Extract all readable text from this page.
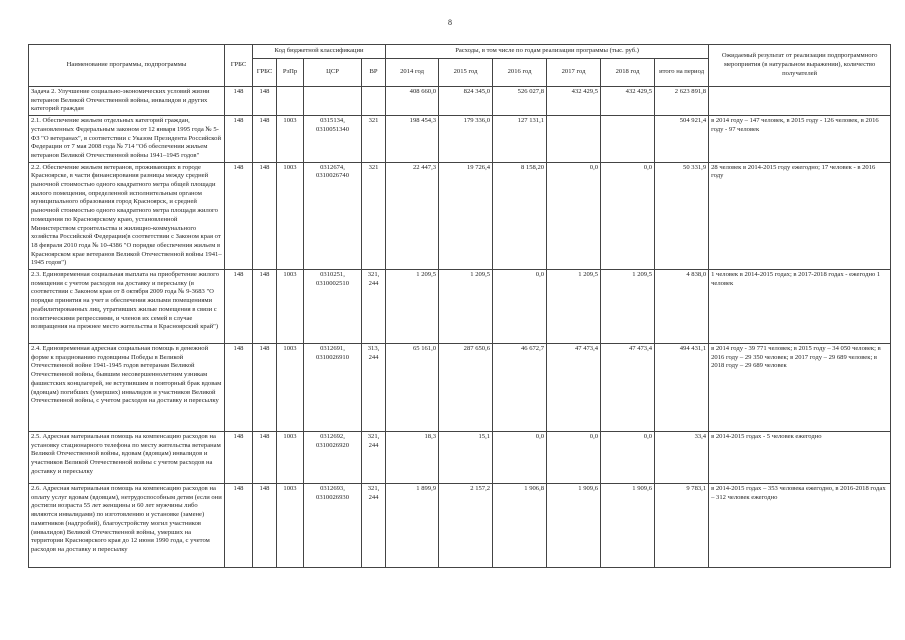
8
Наименование программы, подпрограммы	ГРБС	Код бюджетной классификации				Расходы, в том числе по годам реализации программы (тыс. руб.)						Ожидаемый результат от реализации подпрограммного мероприятия (в натуральном выражении), количество получателей
		ГРБС	РзПр	ЦСР	ВР	2014 год	2015 год	2016 год	2017 год	2018 год	итого на период	
Задача 2. Улучшение социально-экономических условий жизни ветеранов Великой Отечественной войны, инвалидов и других категорий граждан	148	148				408 660,0	824 345,0	526 027,8	432 429,5	432 429,5	2 623 891,8	
2.1. Обеспечение жильем отдельных категорий граждан, установленных Федеральным законом от 12 января 1995 года № 5-ФЗ "О ветеранах", в соответствии с Указом Президента Российской Федерации от 7 мая 2008 года № 714 "Об обеспечении жильем ветеранов Великой Отечественной войны 1941–1945 годов"	148	148	1003	0315134, 0310051340	321	198 454,3	179 336,0	127 131,1			504 921,4	в 2014 году – 147 человек, в 2015 году - 126 человек, в 2016 году - 97 человек
2.2. Обеспечение жильем ветеранов, проживающих в городе Красноярске, в части финансирования разницы между средней рыночной стоимостью одного квадратного метра общей площади жилого помещения, определенной исполнительным органом муниципального образования город Красноярск, и средней рыночной стоимостью одного квадратного метра площади жилого помещения по Красноярскому краю, установленной Министерством строительства и жилищно-коммунального хозяйства Российской Федерации(в соответствии с Законом края от 18 февраля 2010 года № 10-4386 "О порядке обеспечения жильем в Красноярском крае ветеранов Великой Отечественной войны 1941–1945 годов")	148	148	1003	0312674, 0310026740	321	22 447,3	19 726,4	8 158,20	0,0	0,0	50 331,9	28 человек в 2014-2015 году ежегодно; 17 человек - в 2016 году
2.3. Единовременная социальная выплата на приобретение жилого помещения с учетом расходов на доставку и пересылку (в соответствии с Законом края от 8 октября 2009 года № 9-3683 "О порядке принятия на учет и обеспечения жилыми помещениями реабилитированных лиц, утративших жилые помещения в связи с политическими репрессиями, и членов их семей в случае возвращения на прежнее место жительства в Красноярский край")	148	148	1003	0310251, 0310002510	321, 244	1 209,5	1 209,5	0,0	1 209,5	1 209,5	4 838,0	1 человек в 2014-2015 годах; в 2017-2018 годах - ежегодно 1 человек
2.4. Единовременная адресная социальная помощь в денежной форме к празднованию годовщины Победы в Великой Отечественной войне 1941-1945 годов ветеранам Великой Отечественной войны, бывшим несовершеннолетним узникам фашистских концлагерей, не вступившим в повторный брак вдовам (вдовцам) погибших (умерших) инвалидов и участников Великой Отечественной войны, с учетом расходов на доставку и пересылку	148	148	1003	0312691, 0310026910	313, 244	65 161,0	287 650,6	46 672,7	47 473,4	47 473,4	494 431,1	в 2014 году - 39 771 человек; в 2015 году – 34 050 человек; в 2016 году – 29 350 человек; в 2017 году – 29 689 человек; в 2018 году – 29 689 человек
2.5. Адресная материальная помощь на компенсацию расходов на установку стационарного телефона по месту жительства ветеранам Великой Отечественной войны, вдовам (вдовцам) инвалидов и участников Великой Отечественной войны с учетом расходов на доставку и пересылку	148	148	1003	0312692, 0310026920	321, 244	18,3	15,1	0,0	0,0	0,0	33,4	в 2014-2015 годах - 5 человек ежегодно
2.6. Адресная материальная помощь на компенсацию расходов на оплату услуг вдовам (вдовцам), нетрудоспособным детям (если они достигли возраста 55 лет женщины и 60 лет мужчины либо являются инвалидами) по изготовлению и установке (замене) памятников (надгробий), благоустройству могил участников (инвалидов) Великой Отечественной войны, умерших на территории Красноярского края до 12 июня 1990 года, с учетом расходов на доставку и пересылку	148	148	1003	0312693, 0310026930	321, 244	1 899,9	2 157,2	1 906,8	1 909,6	1 909,6	9 783,1	в 2014-2015 годах – 353 человека ежегодно, в 2016-2018 годах – 312 человек ежегодно
